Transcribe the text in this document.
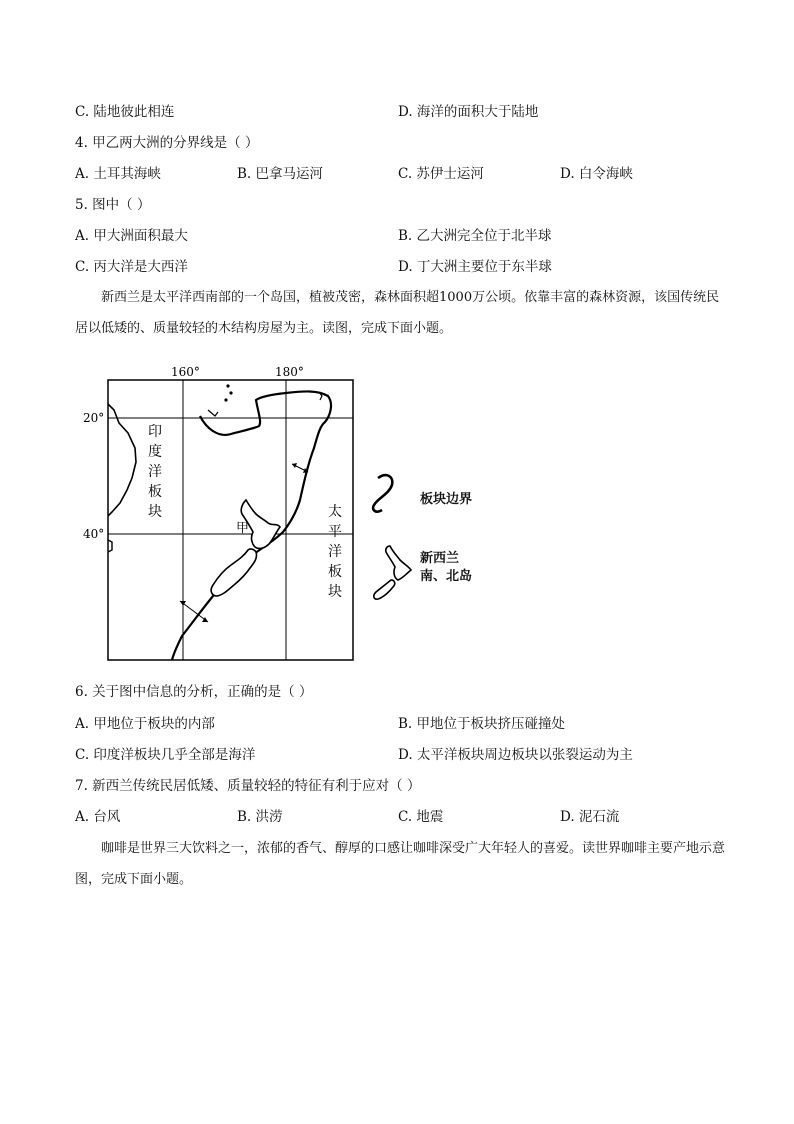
C. 陆地彼此相连	D. 海洋的面积大于陆地
4. 甲乙两大洲的分界线是（ ）
A. 土耳其海峡	B. 巴拿马运河	C. 苏伊士运河	D. 白令海峡
5. 图中（ ）
A. 甲大洲面积最大	B. 乙大洲完全位于北半球
C. 丙大洋是大西洋	D. 丁大洲主要位于东半球
新西兰是太平洋西南部的一个岛国，植被茂密，森林面积超1000万公顷。依靠丰富的森林资源，该国传统民居以低矮的、质量较轻的木结构房屋为主。读图，完成下面小题。
160°	180°
20°
40°
印
度
洋
板
块	太
平
洋
板
块
甲
板块边界
新西兰
南、北岛
6. 关于图中信息的分析，正确的是（ ）
A. 甲地位于板块的内部	B. 甲地位于板块挤压碰撞处
C. 印度洋板块几乎全部是海洋	D. 太平洋板块周边板块以张裂运动为主
7. 新西兰传统民居低矮、质量较轻的特征有利于应对（ ）
A. 台风	B. 洪涝	C. 地震	D. 泥石流
咖啡是世界三大饮料之一，浓郁的香气、醇厚的口感让咖啡深受广大年轻人的喜爱。读世界咖啡主要产地示意图，完成下面小题。
